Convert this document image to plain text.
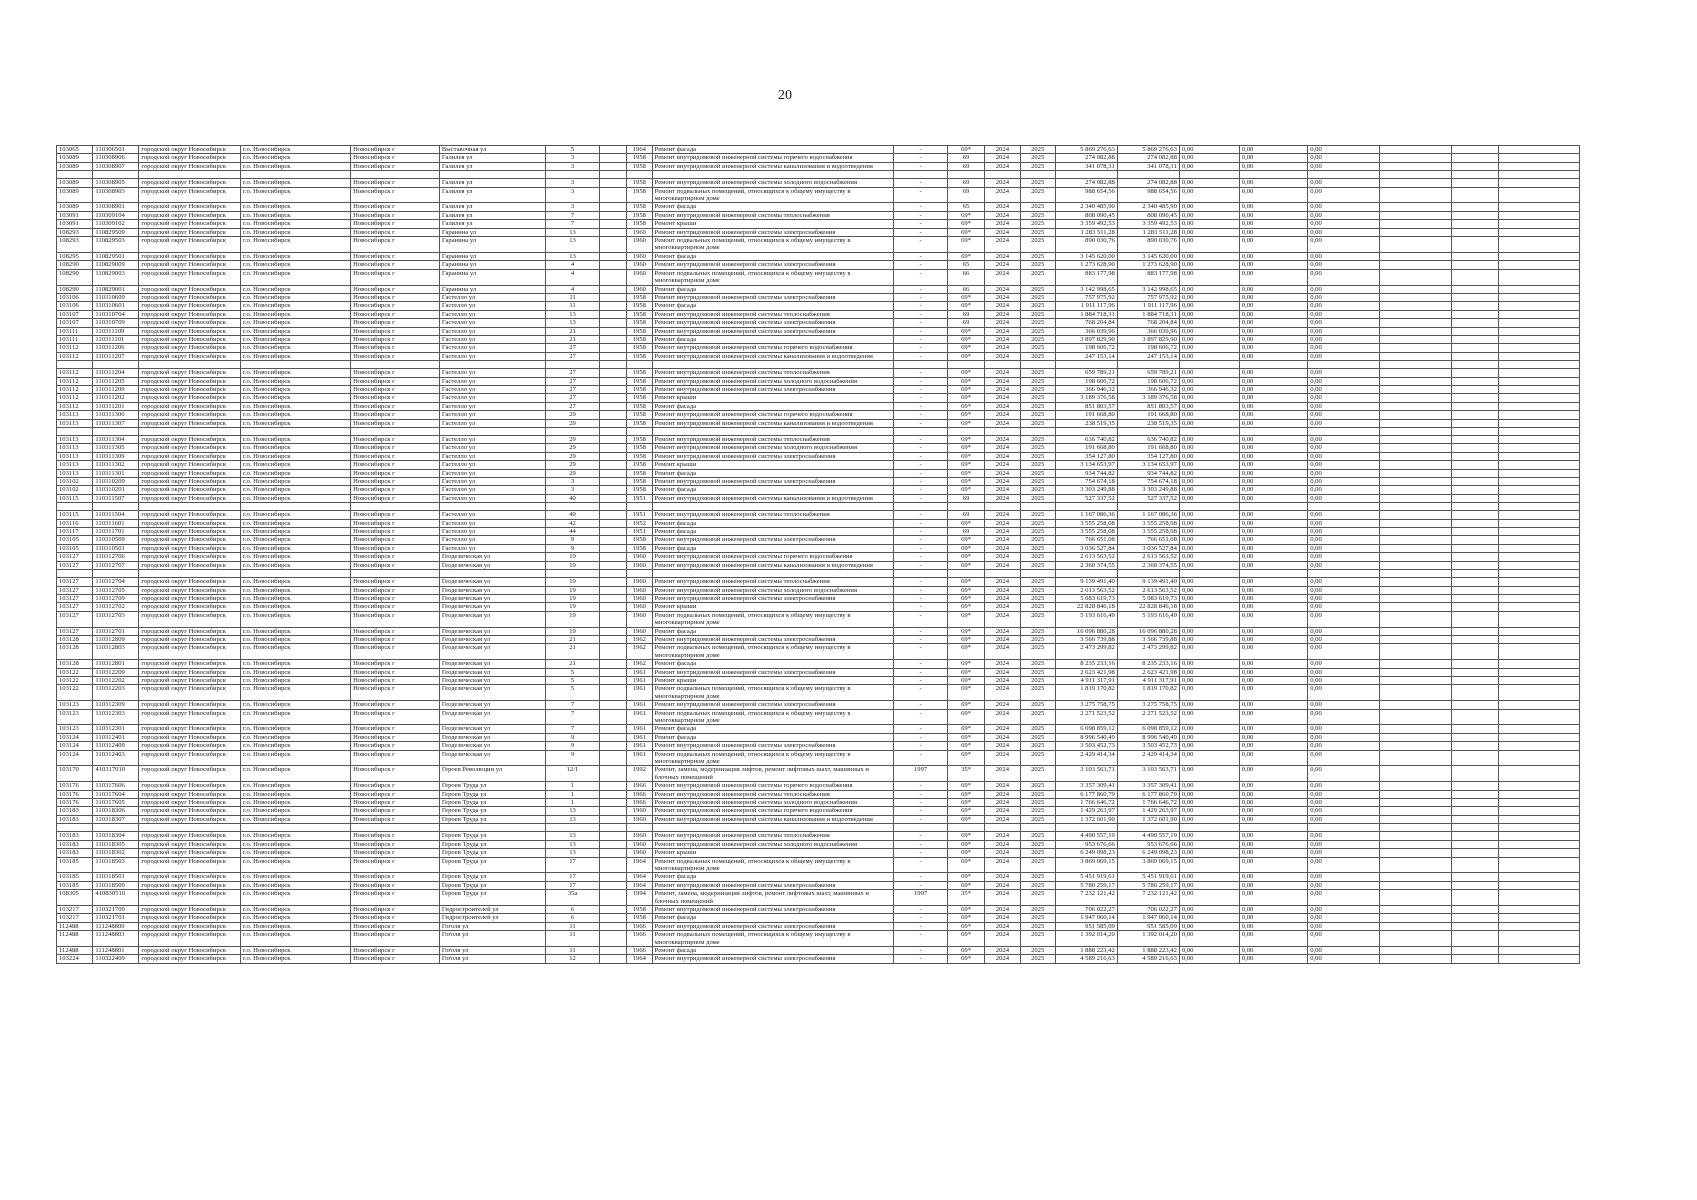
20
103065	110306501	городской округ Новосибирск	г.о. Новосибирск	Новосибирск г	Выставочная ул	5		1964	Ремонт фасада	-	69*	2024	2025	5 869 276,63	5 869 276,63	0,00	0,00	0,00			
103089	110308906	городской округ Новосибирск	г.о. Новосибирск	Новосибирск г	Галилея ул	3		1958	Ремонт внутридомовой инженерной системы горячего водоснабжения	-	69	2024	2025	274 082,88	274 082,88	0,00	0,00	0,00			
103089	110308907	городской округ Новосибирск	г.о. Новосибирск	Новосибирск г	Галилея ул	3		1958	Ремонт внутридомовой инженерной системы канализования и водоотведения	-	69	2024	2025	341 078,31	341 078,31	0,00	0,00	0,00			

103089	110308905	городской округ Новосибирск	г.о. Новосибирск	Новосибирск г	Галилея ул	3		1958	Ремонт внутридомовой инженерной системы холодного водоснабжения	-	69	2024	2025	274 082,88	274 082,88	0,00	0,00	0,00			
103089	110308903	городской округ Новосибирск	г.о. Новосибирск	Новосибирск г	Галилея ул	3		1958	Ремонт подвальных помещений, относящихся к общему имуществу в многоквартирном доме	-	69	2024	2025	988 654,56	988 654,56	0,00	0,00	0,00			
103089	110308901	городской округ Новосибирск	г.о. Новосибирск	Новосибирск г	Галилея ул	3		1958	Ремонт фасада	-	65	2024	2025	2 340 485,90	2 340 485,90	0,00	0,00	0,00			
103091	110309104	городской округ Новосибирск	г.о. Новосибирск	Новосибирск г	Галилея ул	7		1958	Ремонт внутридомовой инженерной системы теплоснабжения	-	69*	2024	2025	808 090,45	808 090,45	0,00	0,00	0,00			
103091	110309102	городской округ Новосибирск	г.о. Новосибирск	Новосибирск г	Галилея ул	7		1958	Ремонт крыши	-	69*	2024	2025	3 359 492,53	3 359 492,53	0,00	0,00	0,00			
108293	110829509	городской округ Новосибирск	г.о. Новосибирск	Новосибирск г	Гаранина ул	13		1960	Ремонт внутридомовой инженерной системы электроснабжения	-	69*	2024	2025	1 283 511,28	1 283 511,28	0,00	0,00	0,00			
108293	110829503	городской округ Новосибирск	г.о. Новосибирск	Новосибирск г	Гаранина ул	13		1960	Ремонт подвальных помещений, относящихся к общему имуществу в многоквартирном доме	-	69*	2024	2025	890 030,76	890 030,76	0,00	0,00	0,00			
108295	110829501	городской округ Новосибирск	г.о. Новосибирск	Новосибирск г	Гаранина ул	13		1960	Ремонт фасада	-	69*	2024	2025	3 145 620,00	3 145 620,00	0,00	0,00	0,00			
108290	110829009	городской округ Новосибирск	г.о. Новосибирск	Новосибирск г	Гаранина ул	4		1960	Ремонт внутридомовой инженерной системы электроснабжения	-	65	2024	2025	1 273 628,90	1 273 628,90	0,00	0,00	0,00			
108290	110829003	городской округ Новосибирск	г.о. Новосибирск	Новосибирск г	Гаранина ул	4		1960	Ремонт подвальных помещений, относящихся к общему имуществу в многоквартирном доме	-	66	2024	2025	883 177,98	883 177,98	0,00	0,00	0,00			
108290	110829001	городской округ Новосибирск	г.о. Новосибирск	Новосибирск г	Гаранина ул	4		1960	Ремонт фасада	-	66	2024	2025	3 142 998,65	3 142 998,65	0,00	0,00	0,00			
103106	110310609	городской округ Новосибирск	г.о. Новосибирск	Новосибирск г	Гастелло ул	11		1958	Ремонт внутридомовой инженерной системы электроснабжения	-	69*	2024	2025	757 975,92	757 975,92	0,00	0,00	0,00			
103106	110310601	городской округ Новосибирск	г.о. Новосибирск	Новосибирск г	Гастелло ул	11		1958	Ремонт фасада	-	69*	2024	2025	1 911 117,96	1 911 117,96	0,00	0,00	0,00			
103107	110310704	городской округ Новосибирск	г.о. Новосибирск	Новосибирск г	Гастелло ул	13		1958	Ремонт внутридомовой инженерной системы теплоснабжения	-	69	2024	2025	1 884 718,31	1 884 718,31	0,00	0,00	0,00			
103107	110310709	городской округ Новосибирск	г.о. Новосибирск	Новосибирск г	Гастелло ул	13		1958	Ремонт внутридомовой инженерной системы электроснабжения	-	69	2024	2025	768 204,84	768 204,84	0,00	0,00	0,00			
103111	110311109	городской округ Новосибирск	г.о. Новосибирск	Новосибирск г	Гастелло ул	21		1958	Ремонт внутридомовой инженерной системы электроснабжения	-	69*	2024	2025	366 039,96	366 039,96	0,00	0,00	0,00			
103111	110311101	городской округ Новосибирск	г.о. Новосибирск	Новосибирск г	Гастелло ул	21		1958	Ремонт фасада	-	69*	2024	2025	3 897 829,90	3 897 829,90	0,00	0,00	0,00			
103112	110311206	городской округ Новосибирск	г.о. Новосибирск	Новосибирск г	Гастелло ул	27		1958	Ремонт внутридомовой инженерной системы горячего водоснабжения	-	69*	2024	2025	198 606,72	198 606,72	0,00	0,00	0,00			
103112	110311207	городской округ Новосибирск	г.о. Новосибирск	Новосибирск г	Гастелло ул	27		1958	Ремонт внутридомовой инженерной системы канализования и водоотведения	-	69*	2024	2025	247 153,14	247 153,14	0,00	0,00	0,00			

103112	110311204	городской округ Новосибирск	г.о. Новосибирск	Новосибирск г	Гастелло ул	27		1958	Ремонт внутридомовой инженерной системы теплоснабжения	-	69*	2024	2025	659 789,21	659 789,21	0,00	0,00	0,00			
103112	110311205	городской округ Новосибирск	г.о. Новосибирск	Новосибирск г	Гастелло ул	27		1958	Ремонт внутридомовой инженерной системы холодного водоснабжения	-	69*	2024	2025	198 606,72	198 606,72	0,00	0,00	0,00			
103112	110311209	городской округ Новосибирск	г.о. Новосибирск	Новосибирск г	Гастелло ул	27		1958	Ремонт внутридомовой инженерной системы электроснабжения	-	69*	2024	2025	366 946,32	366 946,32	0,00	0,00	0,00			
103112	110311202	городской округ Новосибирск	г.о. Новосибирск	Новосибирск г	Гастелло ул	27		1958	Ремонт крыши	-	69*	2024	2025	3 189 376,58	3 189 376,58	0,00	0,00	0,00			
103112	110311201	городской округ Новосибирск	г.о. Новосибирск	Новосибирск г	Гастелло ул	27		1958	Ремонт фасада	-	69*	2024	2025	851 803,57	851 803,57	0,00	0,00	0,00			
103113	110311306	городской округ Новосибирск	г.о. Новосибирск	Новосибирск г	Гастелло ул	29		1958	Ремонт внутридомовой инженерной системы горячего водоснабжения	-	69*	2024	2025	191 668,80	191 668,80	0,00	0,00	0,00			
103113	110311307	городской округ Новосибирск	г.о. Новосибирск	Новосибирск г	Гастелло ул	29		1958	Ремонт внутридомовой инженерной системы канализования и водоотведения	-	69*	2024	2025	238 519,35	238 519,35	0,00	0,00	0,00			

103113	110311304	городской округ Новосибирск	г.о. Новосибирск	Новосибирск г	Гастелло ул	29		1958	Ремонт внутридомовой инженерной системы теплоснабжения	-	69*	2024	2025	636 740,82	636 740,82	0,00	0,00	0,00			
103113	110311305	городской округ Новосибирск	г.о. Новосибирск	Новосибирск г	Гастелло ул	29		1958	Ремонт внутридомовой инженерной системы холодного водоснабжения	-	69*	2024	2025	191 668,80	191 668,80	0,00	0,00	0,00			
103113	110311309	городской округ Новосибирск	г.о. Новосибирск	Новосибирск г	Гастелло ул	29		1958	Ремонт внутридомовой инженерной системы электроснабжения	-	69*	2024	2025	354 127,80	354 127,80	0,00	0,00	0,00			
103113	110311302	городской округ Новосибирск	г.о. Новосибирск	Новосибирск г	Гастелло ул	29		1958	Ремонт крыши	-	69*	2024	2025	3 134 653,97	3 134 653,97	0,00	0,00	0,00			
103113	110311301	городской округ Новосибирск	г.о. Новосибирск	Новосибирск г	Гастелло ул	29		1958	Ремонт фасада	-	69*	2024	2025	934 744,82	934 744,82	0,00	0,00	0,00			
103102	110310209	городской округ Новосибирск	г.о. Новосибирск	Новосибирск г	Гастелло ул	3		1958	Ремонт внутридомовой инженерной системы электроснабжения	-	69*	2024	2025	754 674,18	754 674,18	0,00	0,00	0,00			
103102	110310201	городской округ Новосибирск	г.о. Новосибирск	Новосибирск г	Гастелло ул	3		1958	Ремонт фасада	-	69*	2024	2025	3 303 249,88	3 303 249,88	0,00	0,00	0,00			
103115	110311507	городской округ Новосибирск	г.о. Новосибирск	Новосибирск г	Гастелло ул	40		1951	Ремонт внутридомовой инженерной системы канализования и водоотведения	-	69	2024	2025	527 337,52	527 337,52	0,00	0,00	0,00			

103115	110311504	городской округ Новосибирск	г.о. Новосибирск	Новосибирск г	Гастелло ул	40		1951	Ремонт внутридомовой инженерной системы теплоснабжения	-	69	2024	2025	1 167 086,36	1 167 086,36	0,00	0,00	0,00			
103116	110311601	городской округ Новосибирск	г.о. Новосибирск	Новосибирск г	Гастелло ул	42		1952	Ремонт фасада	-	69*	2024	2025	3 555 258,08	3 555 258,08	0,00	0,00	0,00			
103117	110311701	городской округ Новосибирск	г.о. Новосибирск	Новосибирск г	Гастелло ул	44		1951	Ремонт фасада	-	69	2024	2025	3 555 258,08	3 555 258,08	0,00	0,00	0,00			
103105	110310509	городской округ Новосибирск	г.о. Новосибирск	Новосибирск г	Гастелло ул	9		1958	Ремонт внутридомовой инженерной системы электроснабжения	-	69*	2024	2025	766 651,08	766 651,08	0,00	0,00	0,00			
103105	110310501	городской округ Новосибирск	г.о. Новосибирск	Новосибирск г	Гастелло ул	9		1958	Ремонт фасада	-	69*	2024	2025	3 036 527,84	3 036 527,84	0,00	0,00	0,00			
103127	110312706	городской округ Новосибирск	г.о. Новосибирск	Новосибирск г	Геодезическая ул	19		1960	Ремонт внутридомовой инженерной системы горячего водоснабжения	-	69*	2024	2025	2 613 563,52	2 613 563,52	0,00	0,00	0,00			
103127	110312707	городской округ Новосибирск	г.о. Новосибирск	Новосибирск г	Геодезическая ул	19		1960	Ремонт внутридомовой инженерной системы канализования и водоотведения	-	69*	2024	2025	2 360 374,55	2 360 374,55	0,00	0,00	0,00			

103127	110312704	городской округ Новосибирск	г.о. Новосибирск	Новосибирск г	Геодезическая ул	19		1960	Ремонт внутридомовой инженерной системы теплоснабжения	-	69*	2024	2025	9 139 491,40	9 139 491,40	0,00	0,00	0,00			
103127	110312705	городской округ Новосибирск	г.о. Новосибирск	Новосибирск г	Геодезическая ул	19		1960	Ремонт внутридомовой инженерной системы холодного водоснабжения	-	69*	2024	2025	2 613 563,52	2 613 563,52	0,00	0,00	0,00			
103127	110312709	городской округ Новосибирск	г.о. Новосибирск	Новосибирск г	Геодезическая ул	19		1960	Ремонт внутридомовой инженерной системы электроснабжения	-	69*	2024	2025	5 083 619,73	5 083 619,73	0,00	0,00	0,00			
103127	110312702	городской округ Новосибирск	г.о. Новосибирск	Новосибирск г	Геодезическая ул	19		1960	Ремонт крыши	-	69*	2024	2025	22 828 846,18	22 828 846,18	0,00	0,00	0,00			
103127	110312703	городской округ Новосибирск	г.о. Новосибирск	Новосибирск г	Геодезическая ул	19		1960	Ремонт подвальных помещений, относящихся к общему имуществу в многоквартирном доме	-	69*	2024	2025	5 193 616,49	5 193 616,49	0,00	0,00	0,00			
103127	110312701	городской округ Новосибирск	г.о. Новосибирск	Новосибирск г	Геодезическая ул	19		1960	Ремонт фасада	-	69*	2024	2025	16 096 880,28	16 096 880,28	0,00	0,00	0,00			
103128	110312809	городской округ Новосибирск	г.о. Новосибирск	Новосибирск г	Геодезическая ул	21		1962	Ремонт внутридомовой инженерной системы электроснабжения	-	69*	2024	2025	3 566 739,88	3 566 739,88	0,00	0,00	0,00			
103128	110312803	городской округ Новосибирск	г.о. Новосибирск	Новосибирск г	Геодезическая ул	21		1962	Ремонт подвальных помещений, относящихся к общему имуществу в многоквартирном доме	-	69*	2024	2025	2 473 299,82	2 473 299,82	0,00	0,00	0,00			
103128	110312801	городской округ Новосибирск	г.о. Новосибирск	Новосибирск г	Геодезическая ул	21		1962	Ремонт фасада	-	69*	2024	2025	8 235 233,16	8 235 233,16	0,00	0,00	0,00			
103122	110312209	городской округ Новосибирск	г.о. Новосибирск	Новосибирск г	Геодезическая ул	5		1961	Ремонт внутридомовой инженерной системы электроснабжения	-	69*	2024	2025	2 623 421,98	2 623 421,98	0,00	0,00	0,00			
103122	110312202	городской округ Новосибирск	г.о. Новосибирск	Новосибирск г	Геодезическая ул	5		1961	Ремонт крыши	-	69*	2024	2025	4 911 317,91	4 911 317,91	0,00	0,00	0,00			
103122	110312203	городской округ Новосибирск	г.о. Новосибирск	Новосибирск г	Геодезическая ул	5		1961	Ремонт подвальных помещений, относящихся к общему имуществу в многоквартирном доме	-	69*	2024	2025	1 819 170,82	1 819 170,82	0,00	0,00	0,00			
103123	110312309	городской округ Новосибирск	г.о. Новосибирск	Новосибирск г	Геодезическая ул	7		1961	Ремонт внутридомовой инженерной системы электроснабжения	-	69*	2024	2025	3 275 758,75	3 275 758,75	0,00	0,00	0,00			
103123	110312303	городской округ Новосибирск	г.о. Новосибирск	Новосибирск г	Геодезическая ул	7		1961	Ремонт подвальных помещений, относящихся к общему имуществу в многоквартирном доме	-	69*	2024	2025	2 271 523,52	2 271 523,52	0,00	0,00	0,00			
103123	110312301	городской округ Новосибирск	г.о. Новосибирск	Новосибирск г	Геодезическая ул	7		1961	Ремонт фасада	-	69*	2024	2025	6 098 859,12	6 098 859,12	0,00	0,00	0,00			
103124	110312401	городской округ Новосибирск	г.о. Новосибирск	Новосибирск г	Геодезическая ул	9		1961	Ремонт фасада	-	69*	2024	2025	8 996 540,49	8 996 540,49	0,00	0,00	0,00			
103124	110312409	городской округ Новосибирск	г.о. Новосибирск	Новосибирск г	Геодезическая ул	9		1961	Ремонт внутридомовой инженерной системы электроснабжения	-	69*	2024	2025	3 503 452,73	3 503 452,73	0,00	0,00	0,00			
103124	110312403	городской округ Новосибирск	г.о. Новосибирск	Новосибирск г	Геодезическая ул	9		1961	Ремонт подвальных помещений, относящихся к общему имуществу в многоквартирном доме	-	69*	2024	2025	2 429 414,34	2 429 414,34	0,00	0,00	0,00			
103170	410317010	городской округ Новосибирск	г.о. Новосибирск	Новосибирск г	Героев Революции ул	12/1		1992	Ремонт, замена, модернизация лифтов, ремонт лифтовых шахт, машинных и блочных помещений	1997	35*	2024	2025	3 103 563,71	3 103 563,71	0,00	0,00	0,00			
103176	110317606	городской округ Новосибирск	г.о. Новосибирск	Новосибирск г	Героев Труда ул	1		1966	Ремонт внутридомовой инженерной системы горячего водоснабжения	-	69*	2024	2025	3 357 309,41	3 357 309,41	0,00	0,00	0,00			
103176	110317604	городской округ Новосибирск	г.о. Новосибирск	Новосибирск г	Героев Труда ул	1		1966	Ремонт внутридомовой инженерной системы теплоснабжения	-	69*	2024	2025	6 177 860,79	6 177 860,79	0,00	0,00	0,00			
103176	110317605	городской округ Новосибирск	г.о. Новосибирск	Новосибирск г	Героев Труда ул	1		1966	Ремонт внутридомовой инженерной системы холодного водоснабжения	-	69*	2024	2025	1 766 646,72	1 766 646,72	0,00	0,00	0,00			
103183	110318306	городской округ Новосибирск	г.о. Новосибирск	Новосибирск г	Героев Труда ул	13		1960	Ремонт внутридомовой инженерной системы горячего водоснабжения	-	69*	2024	2025	1 429 263,97	1 429 263,97	0,00	0,00	0,00			
103183	110318307	городской округ Новосибирск	г.о. Новосибирск	Новосибирск г	Героев Труда ул	13		1960	Ремонт внутридомовой инженерной системы канализования и водоотведения	-	69*	2024	2025	1 372 601,90	1 372 601,90	0,00	0,00	0,00			

103183	110318304	городской округ Новосибирск	г.о. Новосибирск	Новосибирск г	Героев Труда ул	13		1960	Ремонт внутридомовой инженерной системы теплоснабжения	-	69*	2024	2025	4 490 557,19	4 490 557,19	0,00	0,00	0,00			
103183	110318305	городской округ Новосибирск	г.о. Новосибирск	Новосибирск г	Героев Труда ул	13		1960	Ремонт внутридомовой инженерной системы холодного водоснабжения	-	69*	2024	2025	953 676,66	953 676,66	0,00	0,00	0,00			
103183	110318302	городской округ Новосибирск	г.о. Новосибирск	Новосибирск г	Героев Труда ул	13		1960	Ремонт крыши	-	69*	2024	2025	6 249 098,23	6 249 098,23	0,00	0,00	0,00			
103185	110318503	городской округ Новосибирск	г.о. Новосибирск	Новосибирск г	Героев Труда ул	17		1964	Ремонт подвальных помещений, относящихся к общему имуществу в многоквартирном доме	-	69*	2024	2025	3 869 069,15	3 869 069,15	0,00	0,00	0,00			
103185	110318501	городской округ Новосибирск	г.о. Новосибирск	Новосибирск г	Героев Труда ул	17		1964	Ремонт фасада	-	69*	2024	2025	5 451 919,61	5 451 919,61	0,00	0,00	0,00			
103185	110318509	городской округ Новосибирск	г.о. Новосибирск	Новосибирск г	Героев Труда ул	17		1964	Ремонт внутридомовой инженерной системы электроснабжения	-	69*	2024	2025	5 780 259,17	5 780 259,17	0,00	0,00	0,00			
108305	410830510	городской округ Новосибирск	г.о. Новосибирск	Новосибирск г	Героев Труда ул	35а		1994	Ремонт, замена, модернизация лифтов, ремонт лифтовых шахт, машинных и блочных помещений	1997	35*	2024	2025	7 232 121,42	7 232 121,42	0,00	0,00	0,00			
103217	110321709	городской округ Новосибирск	г.о. Новосибирск	Новосибирск г	Гидростроителей ул	6		1958	Ремонт внутридомовой инженерной системы электроснабжения	-	69*	2024	2025	706 022,27	706 022,27	0,00	0,00	0,00			
103217	110321701	городской округ Новосибирск	г.о. Новосибирск	Новосибирск г	Гидростроителей ул	6		1958	Ремонт фасада	-	69*	2024	2025	1 947 060,14	1 947 060,14	0,00	0,00	0,00			
112488	111248809	городской округ Новосибирск	г.о. Новосибирск	Новосибирск г	Гоголя ул	11		1966	Ремонт внутридомовой инженерной системы электроснабжения	-	69*	2024	2025	951 585,09	951 585,09	0,00	0,00	0,00			
112488	111248803	городской округ Новосибирск	г.о. Новосибирск	Новосибирск г	Гоголя ул	11		1966	Ремонт подвальных помещений, относящихся к общему имуществу в многоквартирном доме	-	69*	2024	2025	1 392 014,20	1 392 014,20	0,00	0,00	0,00			
112488	111248801	городской округ Новосибирск	г.о. Новосибирск	Новосибирск г	Гоголя ул	11		1966	Ремонт фасада	-	69*	2024	2025	1 888 223,42	1 888 223,42	0,00	0,00	0,00			
103224	110322409	городской округ Новосибирск	г.о. Новосибирск	Новосибирск г	Гоголя ул	12		1964	Ремонт внутридомовой инженерной системы электроснабжения	-	69*	2024	2025	4 589 216,63	4 589 216,63	0,00	0,00	0,00			
